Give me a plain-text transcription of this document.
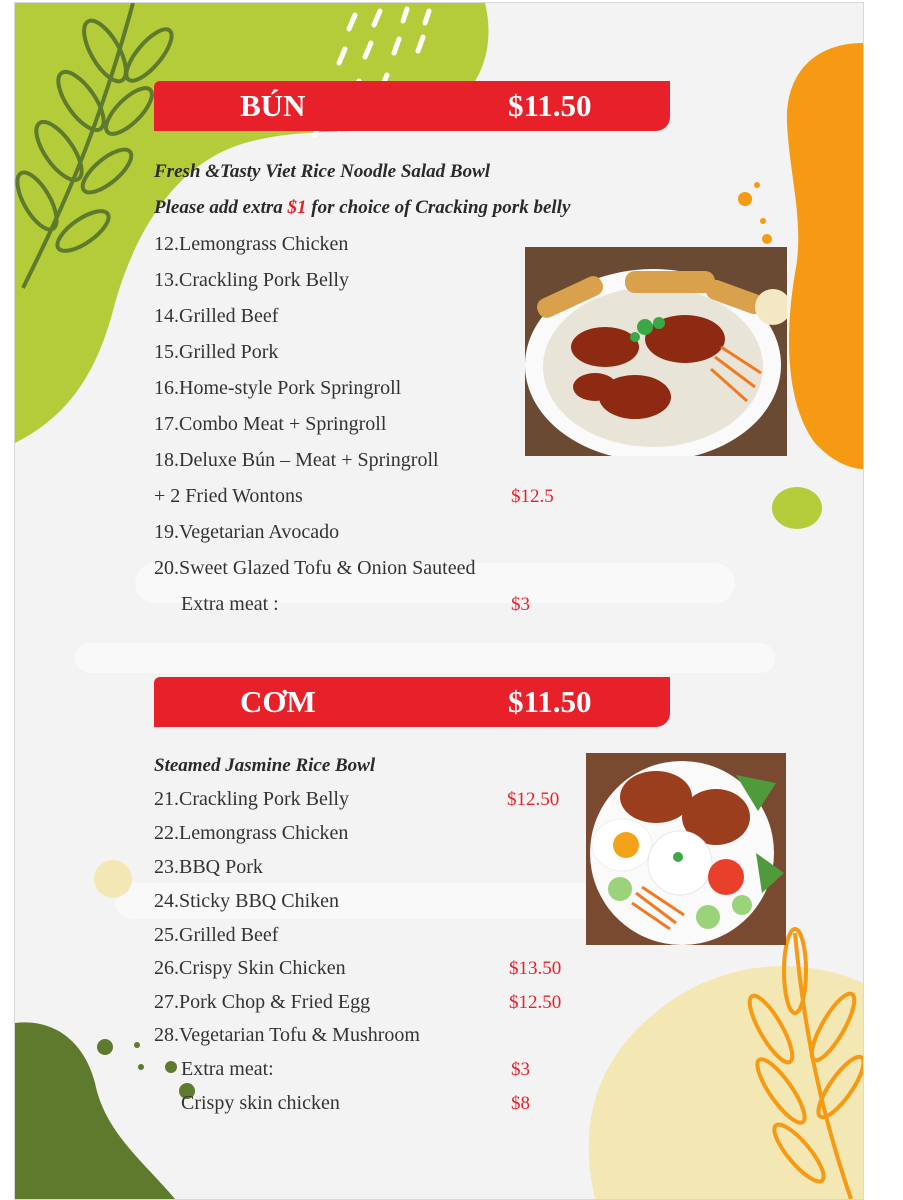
BÚN	$11.50
Fresh &Tasty Viet Rice Noodle Salad Bowl
Please add extra $1 for choice of Cracking pork belly
12.Lemongrass Chicken
13.Crackling Pork Belly
14.Grilled Beef
15.Grilled Pork
16.Home-style Pork Springroll
17.Combo Meat + Springroll
18.Deluxe Bún – Meat + Springroll
+ 2 Fried Wontons	$12.5
19.Vegetarian Avocado
20.Sweet Glazed Tofu & Onion Sauteed
Extra meat :	$3
CƠM	$11.50
Steamed Jasmine Rice Bowl
21.Crackling Pork Belly	$12.50
22.Lemongrass Chicken
23.BBQ Pork
24.Sticky BBQ Chiken
25.Grilled Beef
26.Crispy Skin Chicken	$13.50
27.Pork Chop & Fried Egg	$12.50
28.Vegetarian Tofu & Mushroom
Extra meat:	$3
Crispy skin chicken	$8
